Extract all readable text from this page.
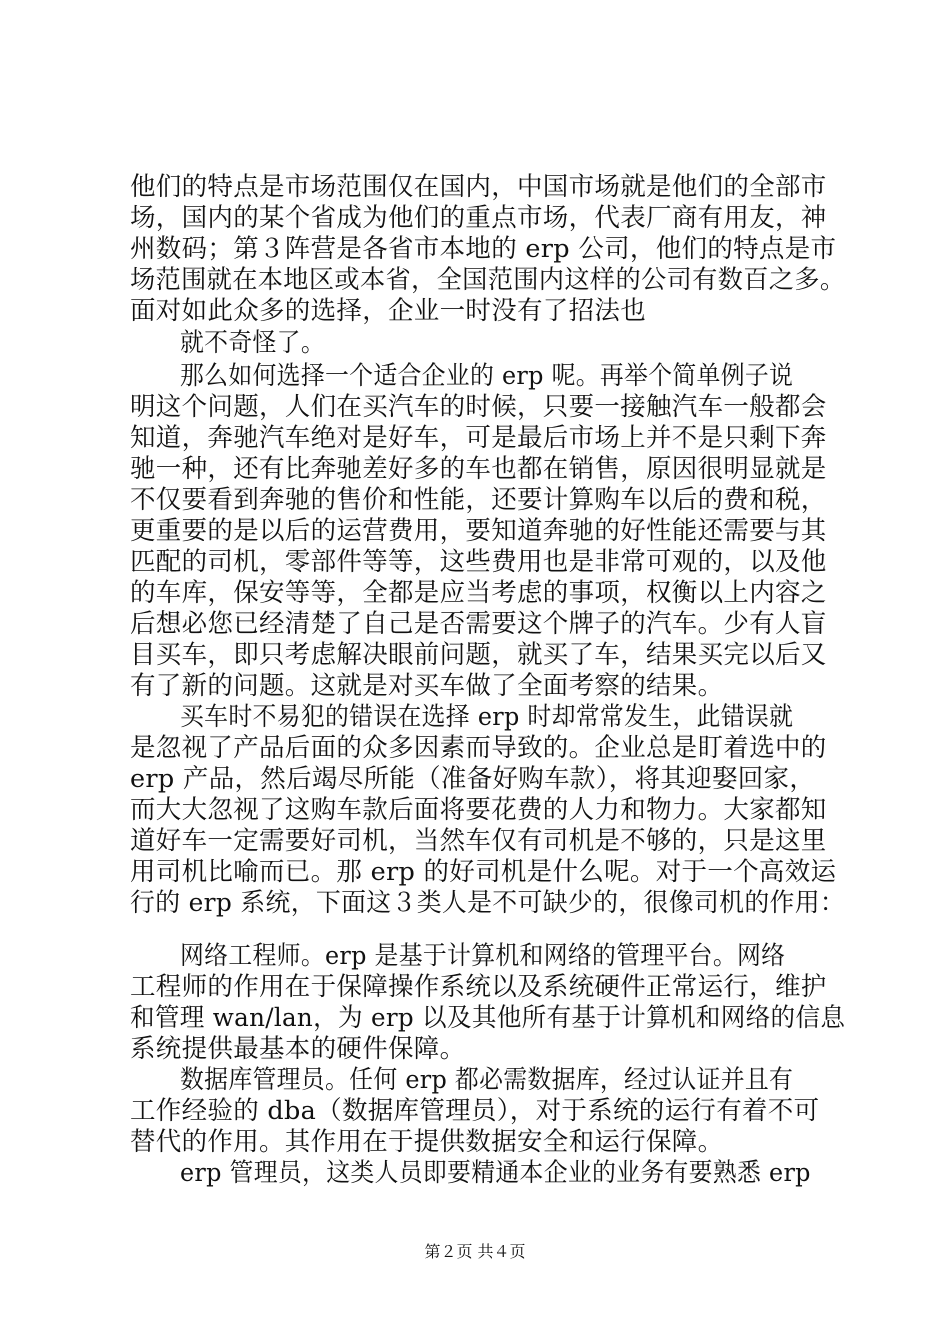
他们的特点是市场范围仅在国内，中国市场就是他们的全部市
场，国内的某个省成为他们的重点市场，代表厂商有用友，神
州数码；第３阵营是各省市本地的 erp 公司，他们的特点是市
场范围就在本地区或本省，全国范围内这样的公司有数百之多。
面对如此众多的选择，企业一时没有了招法也
就不奇怪了。
那么如何选择一个适合企业的 erp 呢。再举个简单例子说
明这个问题，人们在买汽车的时候，只要一接触汽车一般都会
知道，奔驰汽车绝对是好车，可是最后市场上并不是只剩下奔
驰一种，还有比奔驰差好多的车也都在销售，原因很明显就是
不仅要看到奔驰的售价和性能，还要计算购车以后的费和税，
更重要的是以后的运营费用，要知道奔驰的好性能还需要与其
匹配的司机，零部件等等，这些费用也是非常可观的，以及他
的车库，保安等等，全都是应当考虑的事项，权衡以上内容之
后想必您已经清楚了自己是否需要这个牌子的汽车。少有人盲
目买车，即只考虑解决眼前问题，就买了车，结果买完以后又
有了新的问题。这就是对买车做了全面考察的结果。
买车时不易犯的错误在选择 erp 时却常常发生，此错误就
是忽视了产品后面的众多因素而导致的。企业总是盯着选中的
erp 产品，然后竭尽所能（准备好购车款），将其迎娶回家，
而大大忽视了这购车款后面将要花费的人力和物力。大家都知
道好车一定需要好司机，当然车仅有司机是不够的，只是这里
用司机比喻而已。那 erp 的好司机是什么呢。对于一个高效运
行的 erp 系统，下面这３类人是不可缺少的，很像司机的作用：
网络工程师。erp 是基于计算机和网络的管理平台。网络
工程师的作用在于保障操作系统以及系统硬件正常运行，维护
和管理 wan/lan，为 erp 以及其他所有基于计算机和网络的信息
系统提供最基本的硬件保障。
数据库管理员。任何 erp 都必需数据库，经过认证并且有
工作经验的 dba（数据库管理员），对于系统的运行有着不可
替代的作用。其作用在于提供数据安全和运行保障。
erp 管理员，这类人员即要精通本企业的业务有要熟悉 erp
第２页 共４页
